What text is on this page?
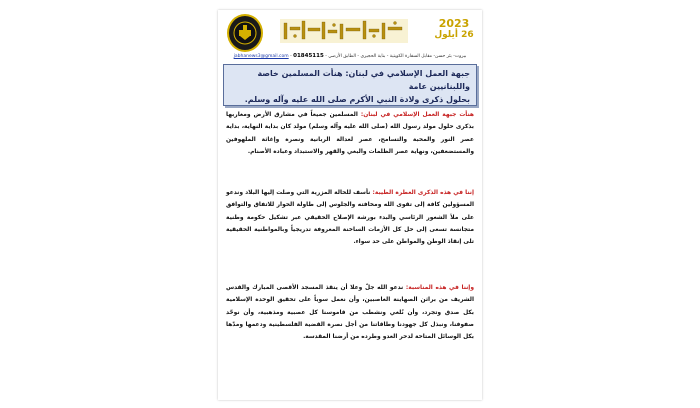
2023
26 أيلول
بيروت- بئر حسن- مقابل السفارة الكويتية - بناية الحجيري - الطابق الأرضي - 01845115 - jabhanews3@gmail.com
جبهة العمل الإسلامي في لبنان: هنأت المسلمين خاصة واللبنانيين عامة
بحلول ذكرى ولادة النبي الأكرم صلى الله عليه وآله وسلم.
هنأت جبهة العمل الإسلامي في لبنان: المسلمين جميعاً في مشارق الأرض ومغاربها بذكرى حلول مولد رسول الله (صلى الله عليه وآله وسلم) مولد كان بداية النهاية، بداية عصر النور والمحبة والتسامح، عصر لعدالة الربانية ونصرة وإغاثة الملهوفين والمستضعفين، ونهاية عصر الظلمات والبغي والقهر والاستبداد وعبادة الأصنام.
إننا في هذه الذكرى العطرة الطيبة: نأسف للحالة المزرية التي وصلت إليها البلاد وندعو المسؤولين كافة إلى تقوى الله ومخافته والجلوس إلى طاولة الحوار للاتفاق والتوافق على ملأ الشغور الرئاسي والبدء بورشة الإصلاح الحقيقي عبر تشكيل حكومة وطنية متجانسة تسعى إلى حل كل الأزمات الساخنة المعروفة تدريجياً وبالمواطنية الحقيقية تلى إنقاذ الوطن والمواطن على حد سواء.
وإننا في هذه المناسبة: ندعو الله جلّ وعلا أن ينقذ المسجد الأقصى المبارك والقدس الشريف من براثن الصهاينة الغاصبين، وأن نعمل سوياً على تحقيق الوحدة الإسلامية بكل صدق وتجرد، وأن نُلغي ونشطب من قاموسنا كل عصبية ومذهبية، وأن نوحّد صفوفنا، ونبذل كل جهودنا وطاقاتنا من أجل نصرة القضية الفلسطينية ودعمها ومدّها بكل الوسائل المتاحة لدحر العدو وطرده من أرضنا المقدسة.
